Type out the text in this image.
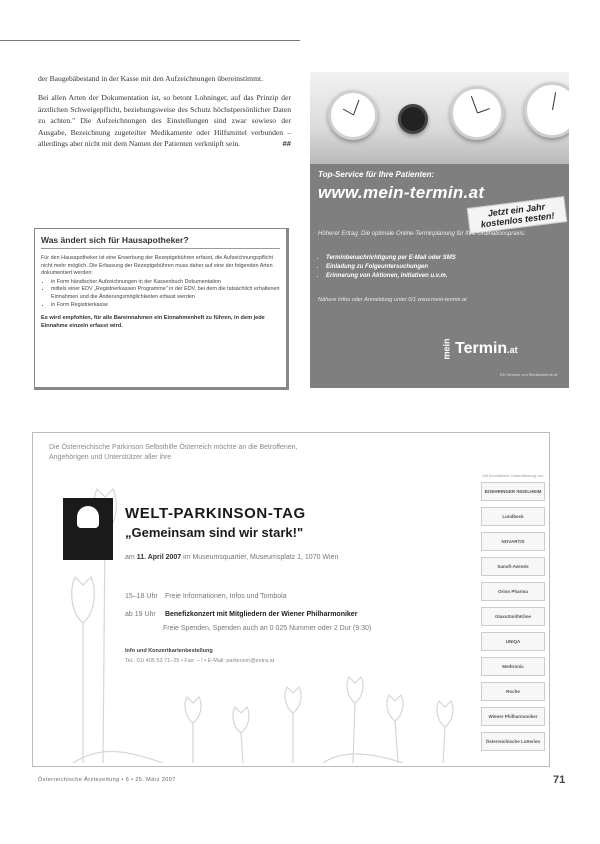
der Baugebäbestand in der Kasse mit den Aufzeichnungen übereinstimmt.

Bei allen Arten der Dokumentation ist, so betont Lohninger, auf das Prinzip der ärztlichen Schweigepflicht, beziehungsweise des Schutz höchstpersönlicher Daten zu achten." Die Aufzeichnungen des Einstellungen sind zwar sowieso der Ausgabe, Bezeichnung zugeteilter Medikamente oder Hilfsmittel verbunden – allerdings aber nicht mit dem Namen der Patienten verknüpft sein.	##

Was ändert sich für Hausapotheker?
Für den Hausapotheker ist eine Erwerbung der Rezeptgebühren erfasst, die Aufzeichnungspflicht nicht mehr möglich. Die Erfassung der Rezeptgebühren muss daher auf eine der folgenden Arten dokumentiert werden:
• in Form händischer Aufzeichnungen in der Kassenbuch Dokumentation
• mittels einer EDV „Registrierkassen Programme" in der EDV, bei dem die tatsächlich erhaltenen Einnahmen und die Änderungsmöglichkeiten erfasst werden
• in Form Registrierkasse
Es wird empfohlen, für alle Bareinnahmen ein Einnahmenheft zu führen, in dem jede Einnahme einzeln erfasst wird.
Top-Service für Ihre Patienten:
www.mein-termin.at
Jetzt ein Jahr kostenlos testen!
Höherer Ertrag. Die optimale Online-Terminplanung für Ihre Ordinationspraxis:
• Terminbenachrichtigung per E-Mail oder SMS
• Einladung zu Folgeuntersuchungen
• Erinnerung von Aktionen, Initiativen u.v.m.
Nähere Infos oder Anmeldung unter 0/1 www.mein-termin.at
mein Termin.at
Ein Service von Medikamente.at
Die Österreichische Parkinson Selbsthilfe Österreich möchte an die Betroffenen, Angehörigen und Unterstützer aller ihre
WELT-PARKINSON-TAG
„Gemeinsam sind wir stark!"
am 11. April 2007 im Museumsquartier, Museumsplatz 1, 1070 Wien
15–18 Uhr Freie Informationen, Infos und Tombola
ab 19 Uhr Benefizkonzert mit Mitgliedern der Wiener Philharmoniker
Freie Spenden, Spenden auch an 0 025 Nummer oder 2 Dur (9:30)
Info und Konzertkartenbestellung
Tel.: 01/ 405 53 71–25 • Fax: – ! • E-Mail: parkinson@extra.at
Mit freundlicher Unterstützung von
BOEHRINGER INGELHEIM
Lundbeck
NOVARTIS
Sanofi-Aventis
Orion Pharma
GlaxoSmithKline
UNIQA
Medtronic
Roche
Wiener Philharmoniker
Österreichische Lotterien
Österreichische Ärztezeitung • 6 • 25. März 2007	71
